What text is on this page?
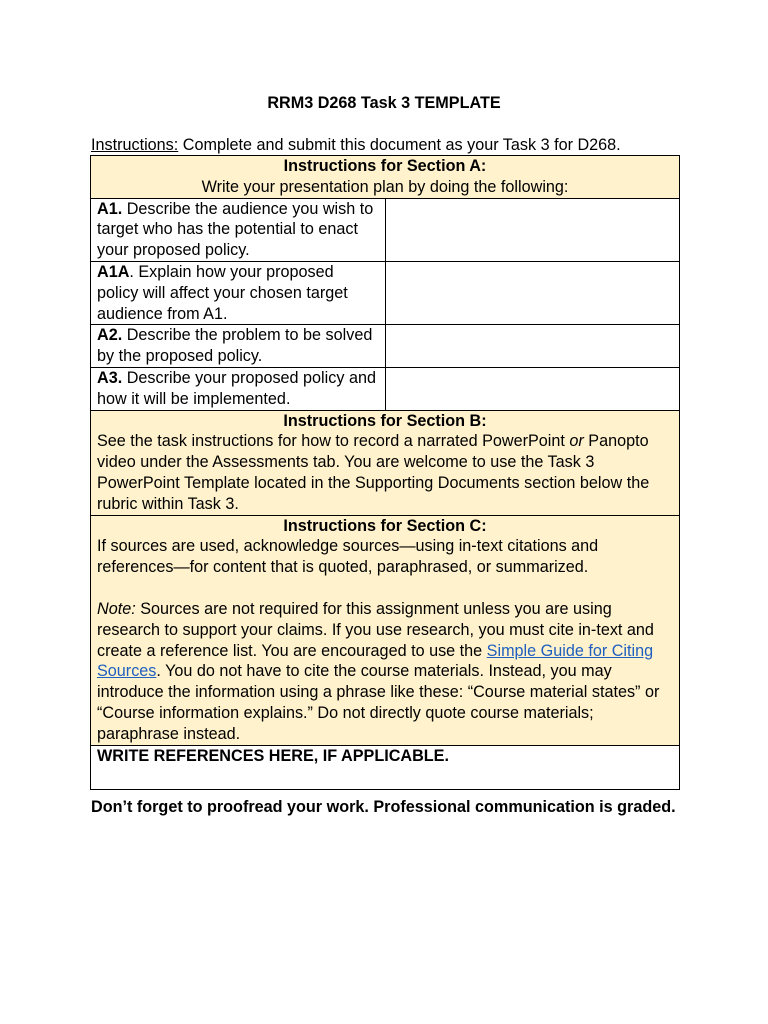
RRM3 D268 Task 3 TEMPLATE
Instructions: Complete and submit this document as your Task 3 for D268.
Instructions for Section A:
Write your presentation plan by doing the following:	

A1. Describe the audience you wish to target who has the potential to enact your proposed policy.	
A1A. Explain how your proposed policy will affect your chosen target audience from A1.	
A2. Describe the problem to be solved by the proposed policy.	
A3. Describe your proposed policy and how it will be implemented.	

Instructions for Section B:
See the task instructions for how to record a narrated PowerPoint or Panopto video under the Assessments tab. You are welcome to use the Task 3 PowerPoint Template located in the Supporting Documents section below the rubric within Task 3.	

Instructions for Section C:
If sources are used, acknowledge sources—using in-text citations and references—for content that is quoted, paraphrased, or summarized.
Note: Sources are not required for this assignment unless you are using research to support your claims. If you use research, you must cite in-text and create a reference list. You are encouraged to use the Simple Guide for Citing Sources. You do not have to cite the course materials. Instead, you may introduce the information using a phrase like these: “Course material states” or “Course information explains.” Do not directly quote course materials; paraphrase instead.	

WRITE REFERENCES HERE, IF APPLICABLE.	
Don’t forget to proofread your work. Professional communication is graded.
